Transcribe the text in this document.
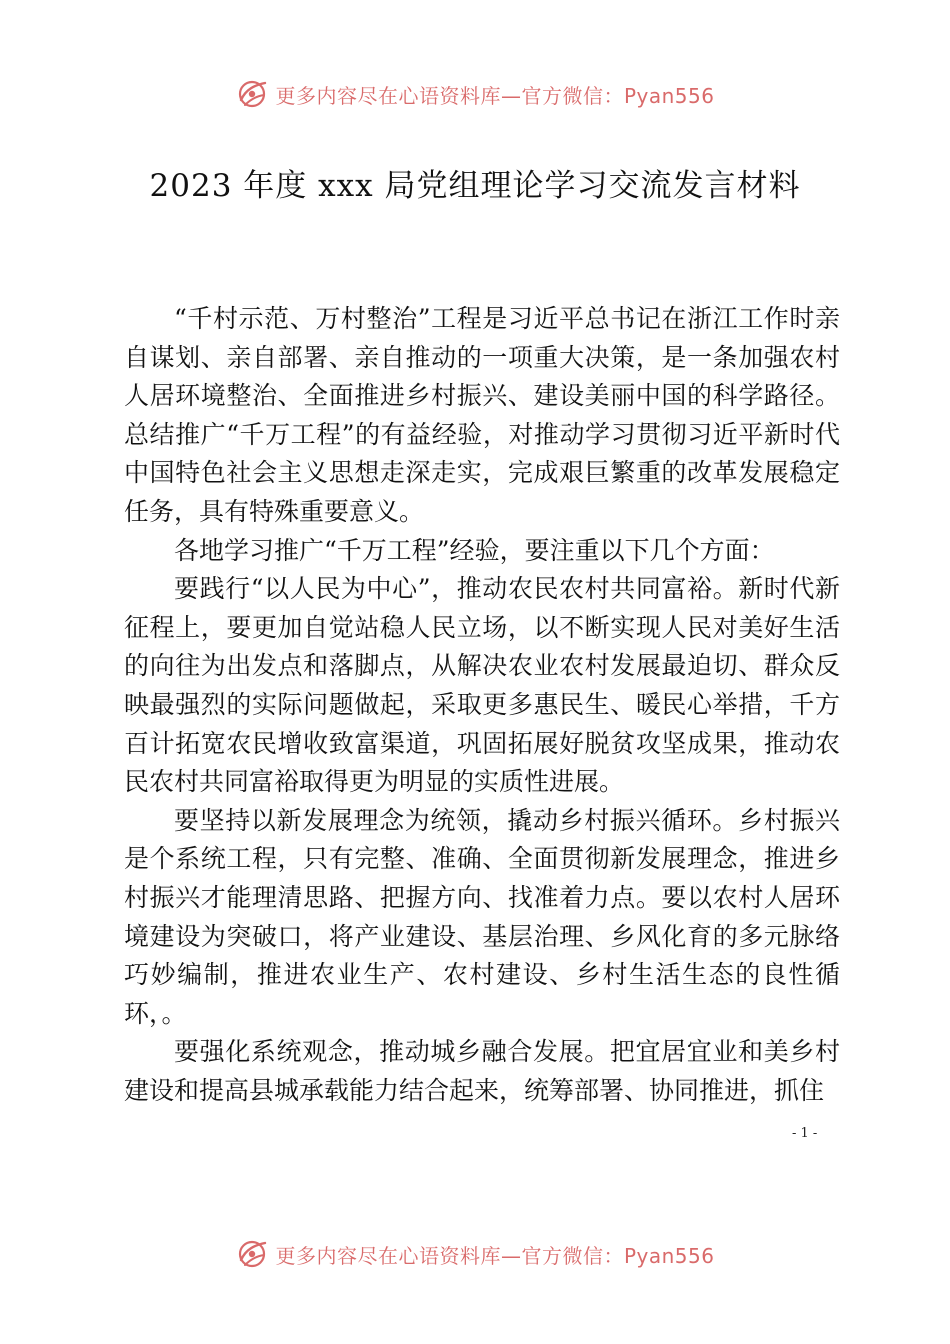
更多内容尽在心语资料库—官方微信：Pyan556
2023 年度 xxx 局党组理论学习交流发言材料

“千村示范、万村整治”工程是习近平总书记在浙江工作时亲自谋划、亲自部署、亲自推动的一项重大决策，是一条加强农村人居环境整治、全面推进乡村振兴、建设美丽中国的科学路径。总结推广“千万工程”的有益经验，对推动学习贯彻习近平新时代中国特色社会主义思想走深走实，完成艰巨繁重的改革发展稳定任务，具有特殊重要意义。

各地学习推广“千万工程”经验，要注重以下几个方面：

要践行“以人民为中心”，推动农民农村共同富裕。新时代新征程上，要更加自觉站稳人民立场，以不断实现人民对美好生活的向往为出发点和落脚点，从解决农业农村发展最迫切、群众反映最强烈的实际问题做起，采取更多惠民生、暖民心举措，千方百计拓宽农民增收致富渠道，巩固拓展好脱贫攻坚成果，推动农民农村共同富裕取得更为明显的实质性进展。

要坚持以新发展理念为统领，撬动乡村振兴循环。乡村振兴是个系统工程，只有完整、准确、全面贯彻新发展理念，推进乡村振兴才能理清思路、把握方向、找准着力点。要以农村人居环境建设为突破口，将产业建设、基层治理、乡风化育的多元脉络巧妙编制，推进农业生产、农村建设、乡村生活生态的良性循环，。

要强化系统观念，推动城乡融合发展。把宜居宜业和美乡村建设和提高县城承载能力结合起来，统筹部署、协同推进，抓住

- 1 -
更多内容尽在心语资料库—官方微信：Pyan556
